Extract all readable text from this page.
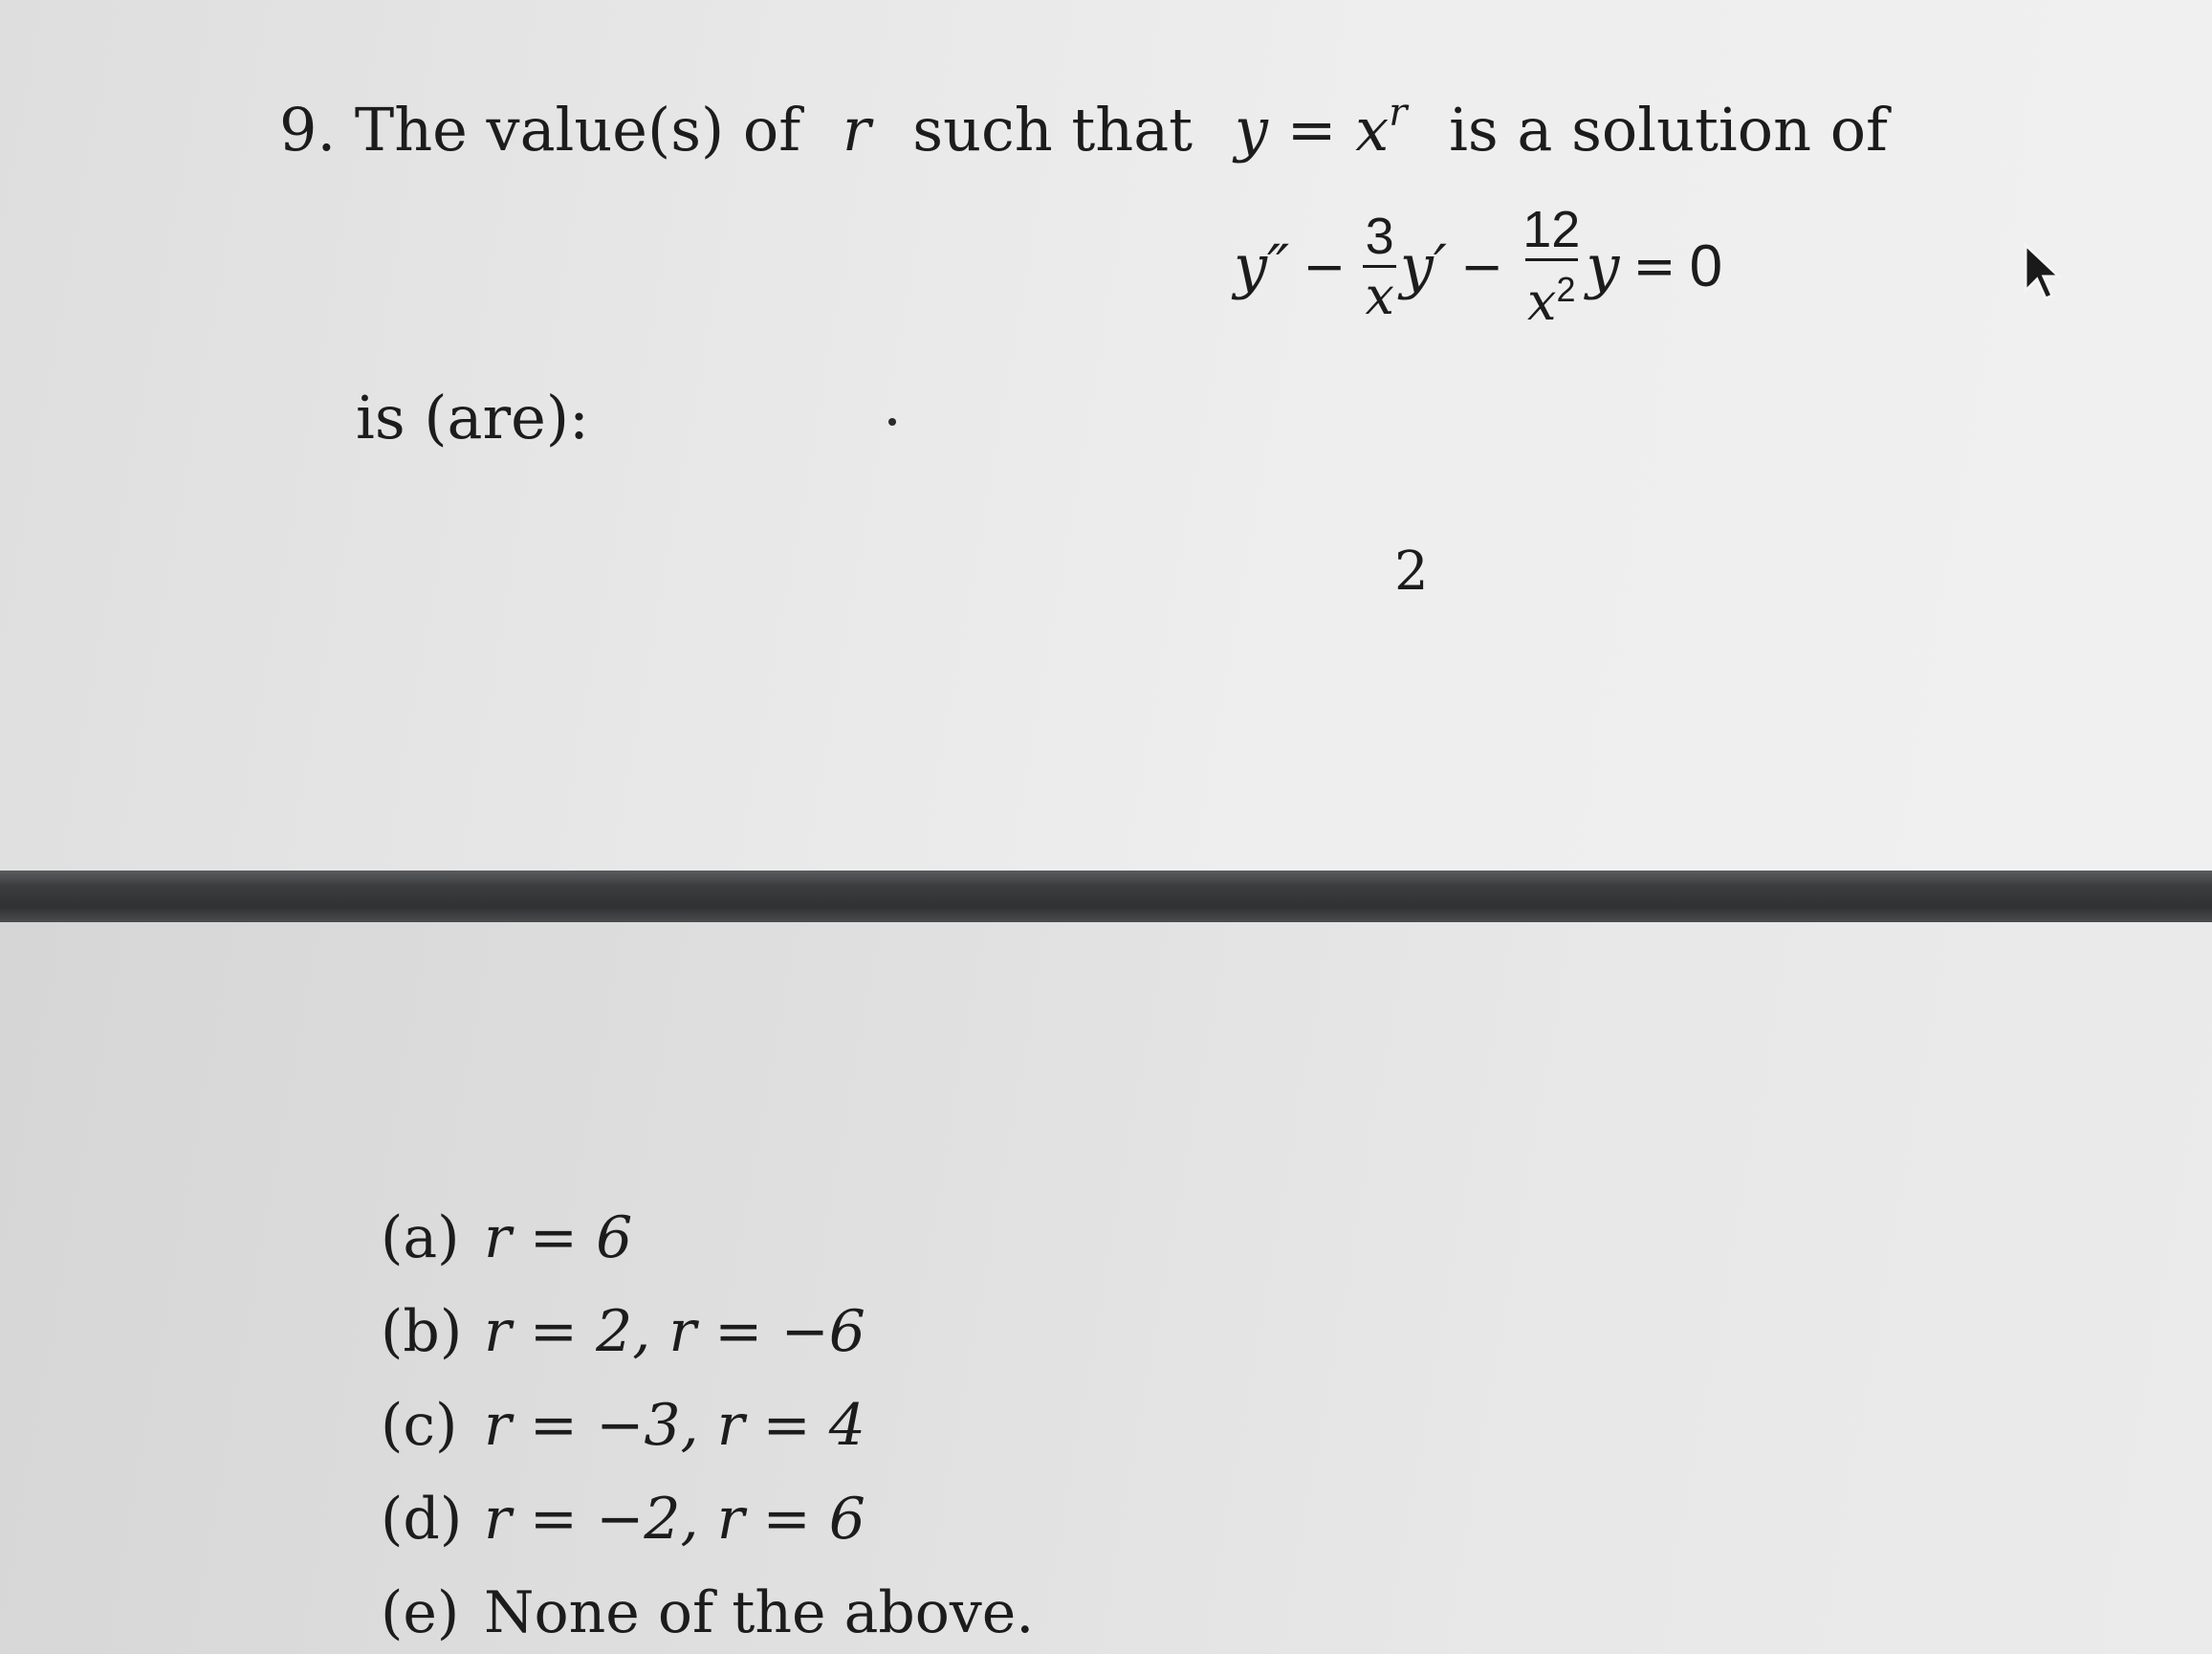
9. The value(s) of r such that $y = x^r$ is a solution of
$y'' - \frac{3}{x} y' - \frac{12}{x^2}$ y = 0
is (are):
2
(a) r = 6
(b) r = 2, r = −6
(c) r = −3, r = 4
(d) r = −2, r = 6
(e) None of the above.
